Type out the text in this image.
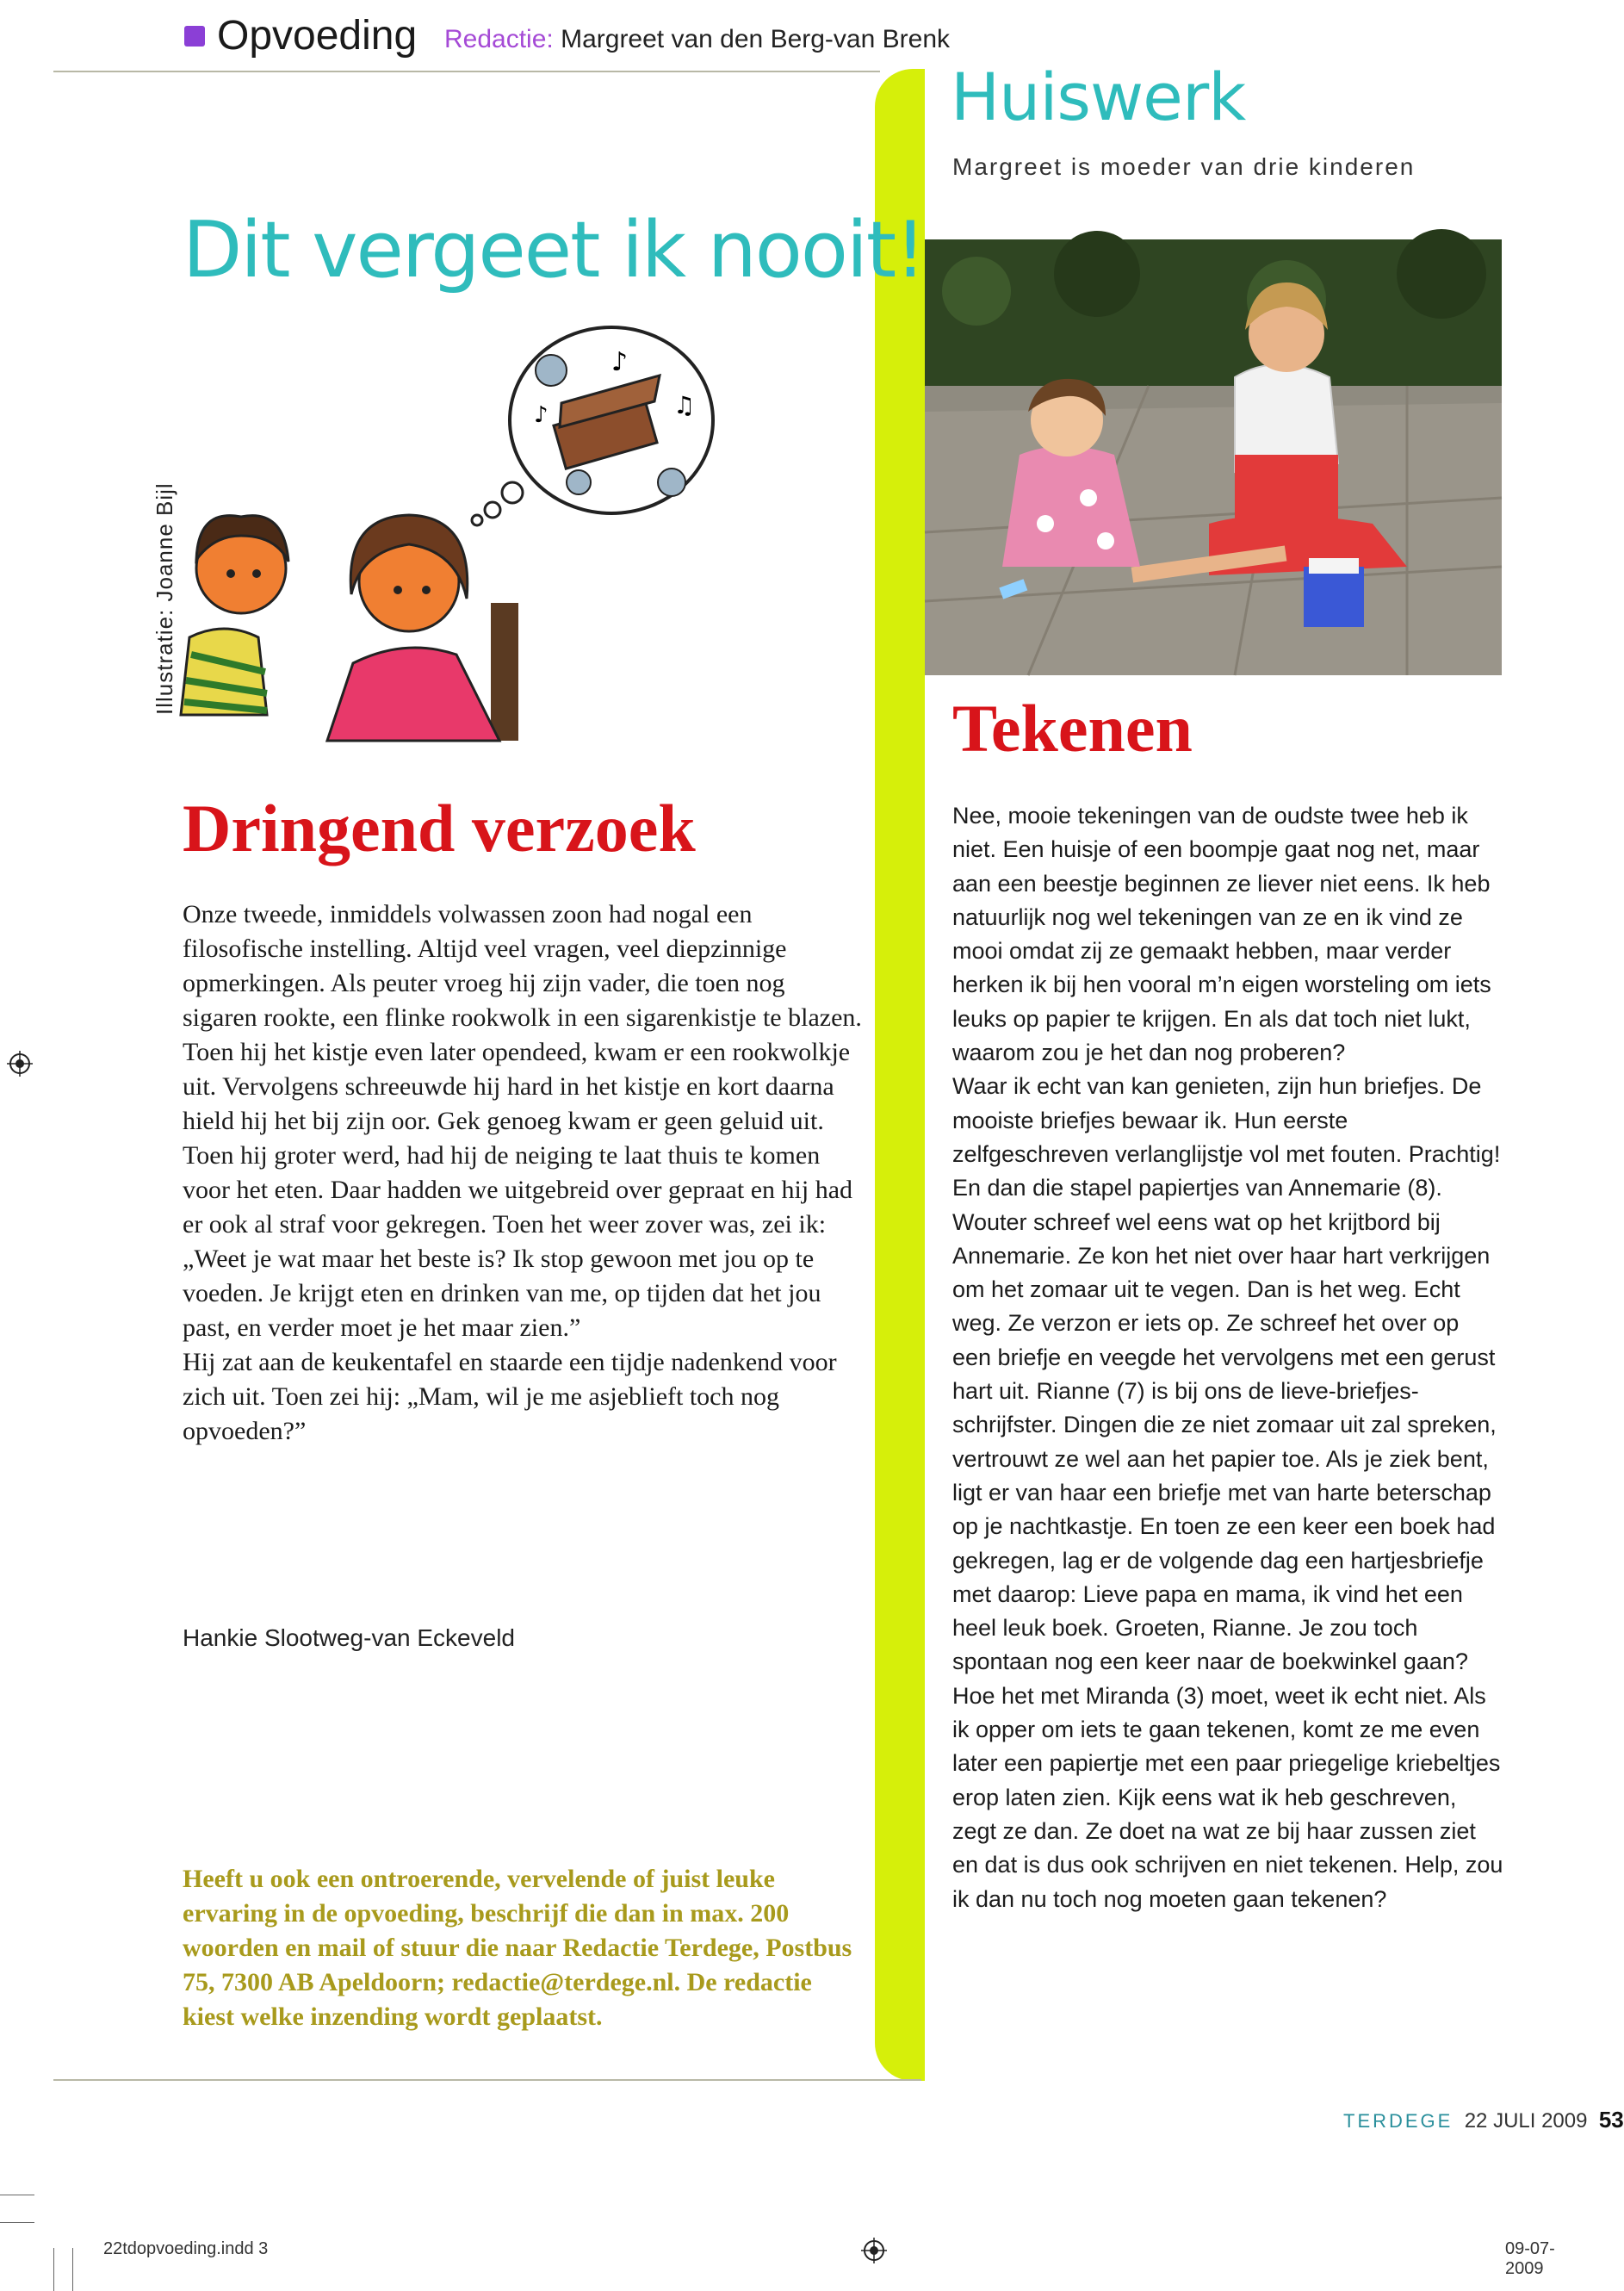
Opvoeding Redactie: Margreet van den Berg-van Brenk
Dit vergeet ik nooit!
Illustratie: Joanne Bijl
♪
♫
♪
Dringend verzoek

Onze tweede, inmiddels volwassen zoon had nogal een filosofische instelling. Altijd veel vragen, veel diepzinnige opmerkingen. Als peuter vroeg hij zijn vader, die toen nog sigaren rookte, een flinke rookwolk in een sigarenkistje te blazen. Toen hij het kistje even later opendeed, kwam er een rookwolkje uit. Vervolgens schreeuwde hij hard in het kistje en kort daarna hield hij het bij zijn oor. Gek genoeg kwam er geen geluid uit.

Toen hij groter werd, had hij de neiging te laat thuis te komen voor het eten. Daar hadden we uitgebreid over gepraat en hij had er ook al straf voor gekregen. Toen het weer zover was, zei ik: „Weet je wat maar het beste is? Ik stop gewoon met jou op te voeden. Je krijgt eten en drinken van me, op tijden dat het jou past, en verder moet je het maar zien.”

Hij zat aan de keukentafel en staarde een tijdje nadenkend voor zich uit. Toen zei hij: „Mam, wil je me asjeblieft toch nog opvoeden?”

Hankie Slootweg-van Eckeveld
Heeft u ook een ontroerende, vervelende of juist leuke ervaring in de opvoeding, beschrijf die dan in max. 200 woorden en mail of stuur die naar Redactie Terdege, Postbus 75, 7300 AB Apeldoorn; redactie@terdege.nl. De redactie kiest welke inzending wordt geplaatst.
Huiswerk
Margreet is moeder van drie kinderen
Tekenen

Nee, mooie tekeningen van de oudste twee heb ik niet. Een huisje of een boompje gaat nog net, maar aan een beestje beginnen ze liever niet eens. Ik heb natuurlijk nog wel tekeningen van ze en ik vind ze mooi omdat zij ze gemaakt hebben, maar verder herken ik bij hen vooral m’n eigen worsteling om iets leuks op papier te krijgen. En als dat toch niet lukt, waarom zou je het dan nog proberen?

Waar ik echt van kan genieten, zijn hun briefjes. De mooiste briefjes bewaar ik. Hun eerste zelfgeschreven verlanglijstje vol met fouten. Prachtig! En dan die stapel papiertjes van Annemarie (8). Wouter schreef wel eens wat op het krijtbord bij Annemarie. Ze kon het niet over haar hart verkrijgen om het zomaar uit te vegen. Dan is het weg. Echt weg. Ze verzon er iets op. Ze schreef het over op een briefje en veegde het vervolgens met een gerust hart uit. Rianne (7) is bij ons de lieve-briefjes-schrijfster. Dingen die ze niet zomaar uit zal spreken, vertrouwt ze wel aan het papier toe. Als je ziek bent, ligt er van haar een briefje met van harte beterschap op je nachtkastje. En toen ze een keer een boek had gekregen, lag er de volgende dag een hartjesbriefje met daarop: Lieve papa en mama, ik vind het een heel leuk boek. Groeten, Rianne. Je zou toch spontaan nog een keer naar de boekwinkel gaan?

Hoe het met Miranda (3) moet, weet ik echt niet. Als ik opper om iets te gaan tekenen, komt ze me even later een papiertje met een paar priegelige kriebeltjes erop laten zien. Kijk eens wat ik heb geschreven, zegt ze dan. Ze doet na wat ze bij haar zussen ziet en dat is dus ook schrijven en niet tekenen. Help, zou ik dan nu toch nog moeten gaan tekenen?

TERDEGE 22 JULI 2009 53
22tdopvoeding.indd 3	09-07-2009
